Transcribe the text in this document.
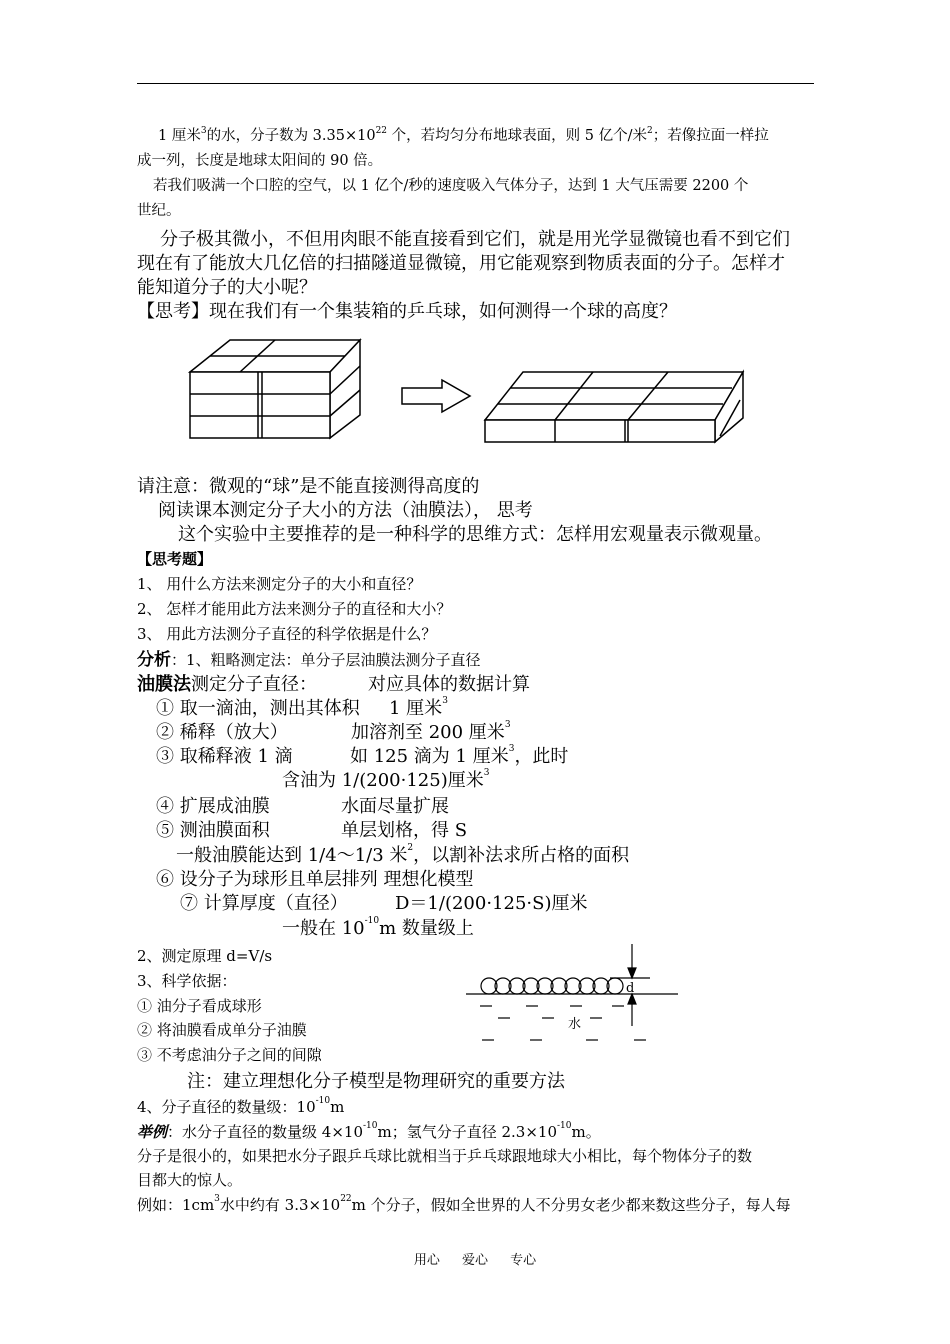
1 厘米$^3$的水，分子数为 $3.35\times 10^{22}$ 个，若均匀分布地球表面，则 5 亿个/米$^2$；若像拉面一样拉
成一列，长度是地球太阳间的 90 倍。
若我们吸满一个口腔的空气，以 1 亿个/秒的速度吸入气体分子，达到 1 大气压需要 2200 个
世纪。
分子极其微小，不但用肉眼不能直接看到它们，就是用光学显微镜也看不到它们
现在有了能放大几亿倍的扫描隧道显微镜，用它能观察到物质表面的分子。怎样才
能知道分子的大小呢？
【思考】现在我们有一个集装箱的乒乓球，如何测得一个球的高度？
请注意：微观的“球”是不能直接测得高度的
阅读课本测定分子大小的方法（油膜法）， 思考
这个实验中主要推荐的是一种科学的思维方式：怎样用宏观量表示微观量。
【思考题】
1、 用什么方法来测定分子的大小和直径？
2、 怎样才能用此方法来测分子的直径和大小？
3、 用此方法测分子直径的科学依据是什么？
分析：1、粗略测定法：单分子层油膜法测分子直径
油膜法测定分子直径：	对应具体的数据计算
① 取一滴油，测出其体积 1 厘米$^3$
② 稀释（放大）	加溶剂至 200 厘米$^3$
③ 取稀释液 1 滴	如 125 滴为 1 厘米$^3$，此时
含油为 1/(200·125)厘米$^3$
④ 扩展成油膜	水面尽量扩展
⑤ 测油膜面积	单层划格，得 S
一般油膜能达到 1/4～1/3 米$^2$，以割补法求所占格的面积
⑥ 设分子为球形且单层排列 理想化模型
⑦ 计算厚度（直径）	D＝1/(200·125·S)厘米
一般在 $10^{-10}m$ 数量级上
2、测定原理 d=V/s
3、科学依据：
① 油分子看成球形
② 将油膜看成单分子油膜
③ 不考虑油分子之间的间隙
d
水
注：建立理想化分子模型是物理研究的重要方法
4、分子直径的数量级：$10^{-10}m$
举例：水分子直径的数量级 $4\times 10^{-10}m$；氢气分子直径 $2.3\times 10^{-10}m$。
分子是很小的，如果把水分子跟乒乓球比就相当于乒乓球跟地球大小相比，每个物体分子的数
目都大的惊人。
例如：$1cm^3$水中约有 $3.3\times 10^{22}m$ 个分子，假如全世界的人不分男女老少都来数这些分子，每人每
用心 爱心 专心
